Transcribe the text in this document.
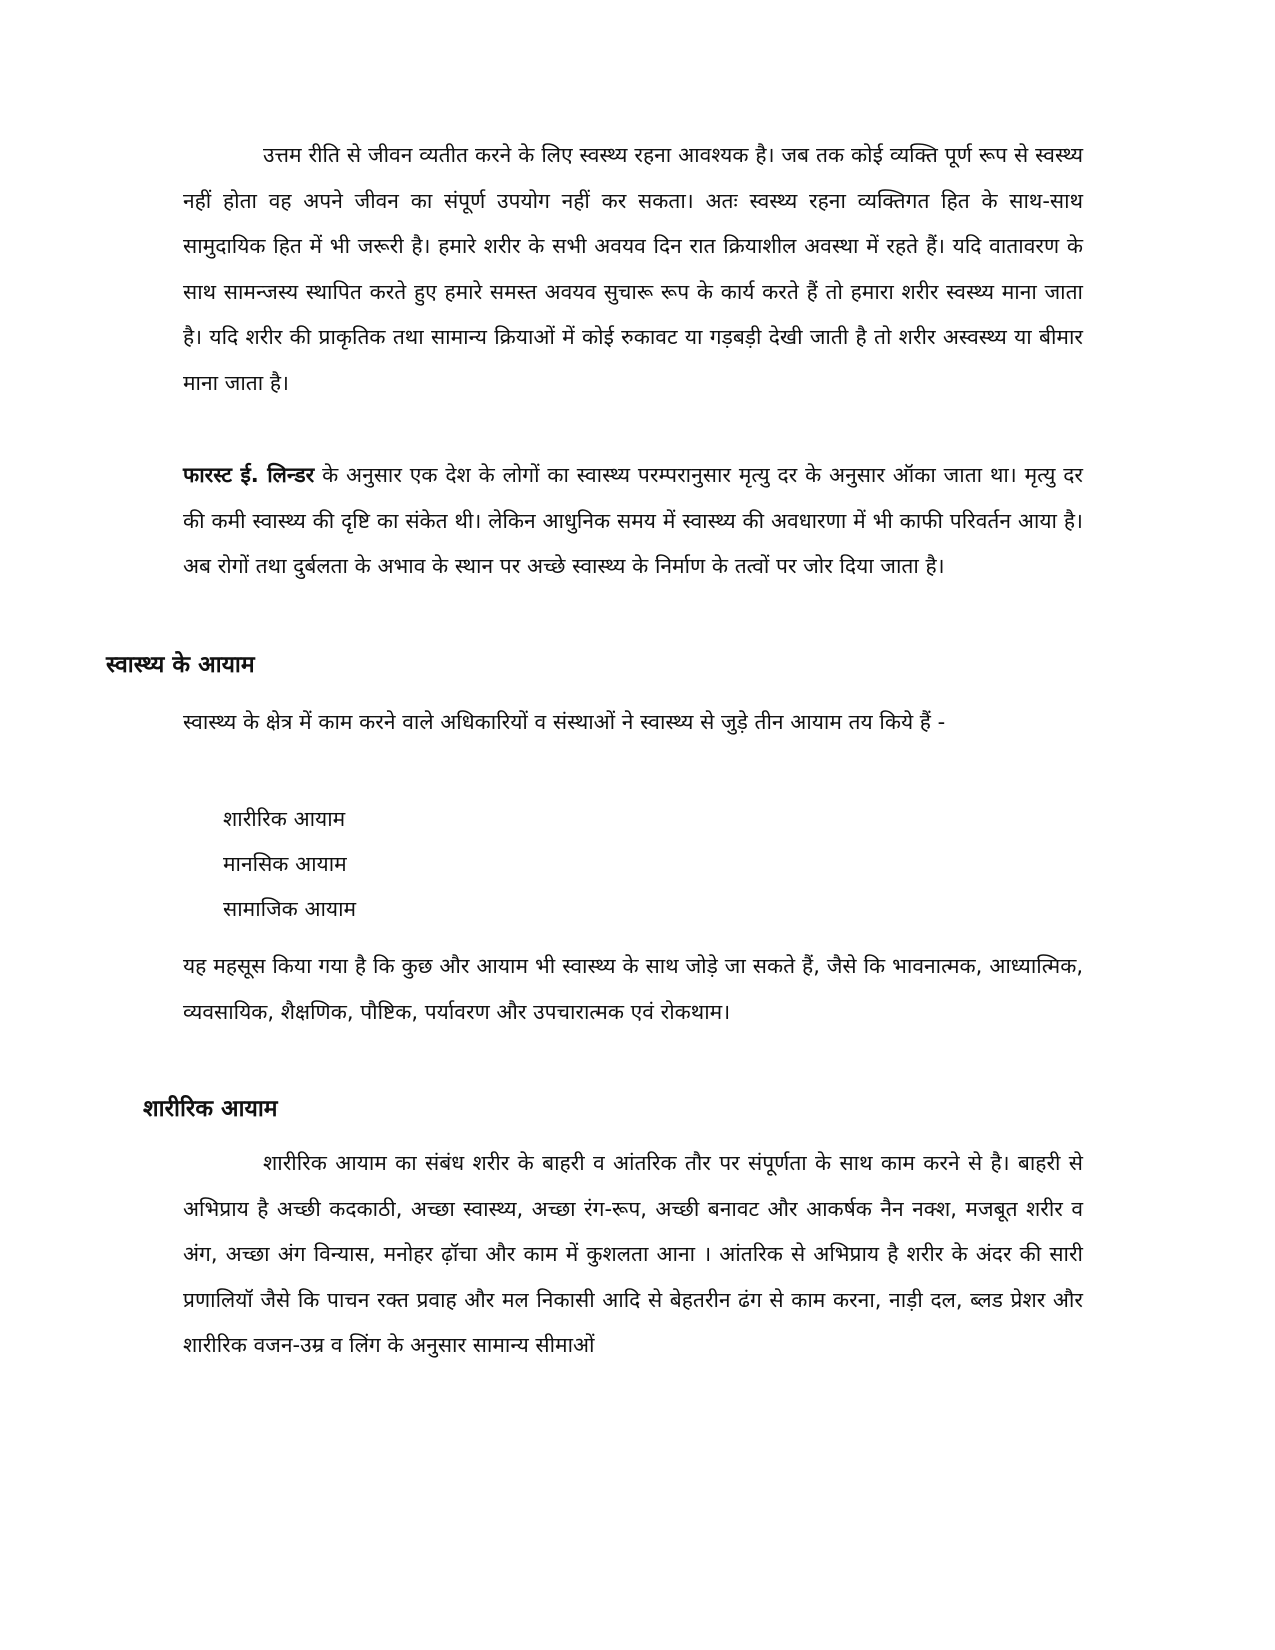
उत्तम रीति से जीवन व्यतीत करने के लिए स्वस्थ्य रहना आवश्यक है। जब तक कोई व्यक्ति पूर्ण रूप से स्वस्थ्य नहीं होता वह अपने जीवन का संपूर्ण उपयोग नहीं कर सकता। अतः स्वस्थ्य रहना व्यक्तिगत हित के साथ-साथ सामुदायिक हित में भी जरूरी है। हमारे शरीर के सभी अवयव दिन रात क्रियाशील अवस्था में रहते हैं। यदि वातावरण के साथ सामन्जस्य स्थापित करते हुए हमारे समस्त अवयव सुचारू रूप के कार्य करते हैं तो हमारा शरीर स्वस्थ्य माना जाता है। यदि शरीर की प्राकृतिक तथा सामान्य क्रियाओं में कोई रुकावट या गड़बड़ी देखी जाती है तो शरीर अस्वस्थ्य या बीमार माना जाता है।

फारस्ट ई. लिन्डर के अनुसार एक देश के लोगों का स्वास्थ्य परम्परानुसार मृत्यु दर के अनुसार ऑका जाता था। मृत्यु दर की कमी स्वास्थ्य की दृष्टि का संकेत थी। लेकिन आधुनिक समय में स्वास्थ्य की अवधारणा में भी काफी परिवर्तन आया है। अब रोगों तथा दुर्बलता के अभाव के स्थान पर अच्छे स्वास्थ्य के निर्माण के तत्वों पर जोर दिया जाता है।

स्वास्थ्य के आयाम

स्वास्थ्य के क्षेत्र में काम करने वाले अधिकारियों व संस्थाओं ने स्वास्थ्य से जुड़े तीन आयाम तय किये हैं -

शारीरिक आयाम
मानसिक आयाम
सामाजिक आयाम

यह महसूस किया गया है कि कुछ और आयाम भी स्वास्थ्य के साथ जोड़े जा सकते हैं, जैसे कि भावनात्मक, आध्यात्मिक, व्यवसायिक, शैक्षणिक, पौष्टिक, पर्यावरण और उपचारात्मक एवं रोकथाम।

शारीरिक आयाम

शारीरिक आयाम का संबंध शरीर के बाहरी व आंतरिक तौर पर संपूर्णता के साथ काम करने से है। बाहरी से अभिप्राय है अच्छी कदकाठी, अच्छा स्वास्थ्य, अच्छा रंग-रूप, अच्छी बनावट और आकर्षक नैन नक्श, मजबूत शरीर व अंग, अच्छा अंग विन्यास, मनोहर ढ़ॉचा और काम में कुशलता आना । आंतरिक से अभिप्राय है शरीर के अंदर की सारी प्रणालियॉ जैसे कि पाचन रक्त प्रवाह और मल निकासी आदि से बेहतरीन ढंग से काम करना, नाड़ी दल, ब्लड प्रेशर और शारीरिक वजन-उम्र व लिंग के अनुसार सामान्य सीमाओं
